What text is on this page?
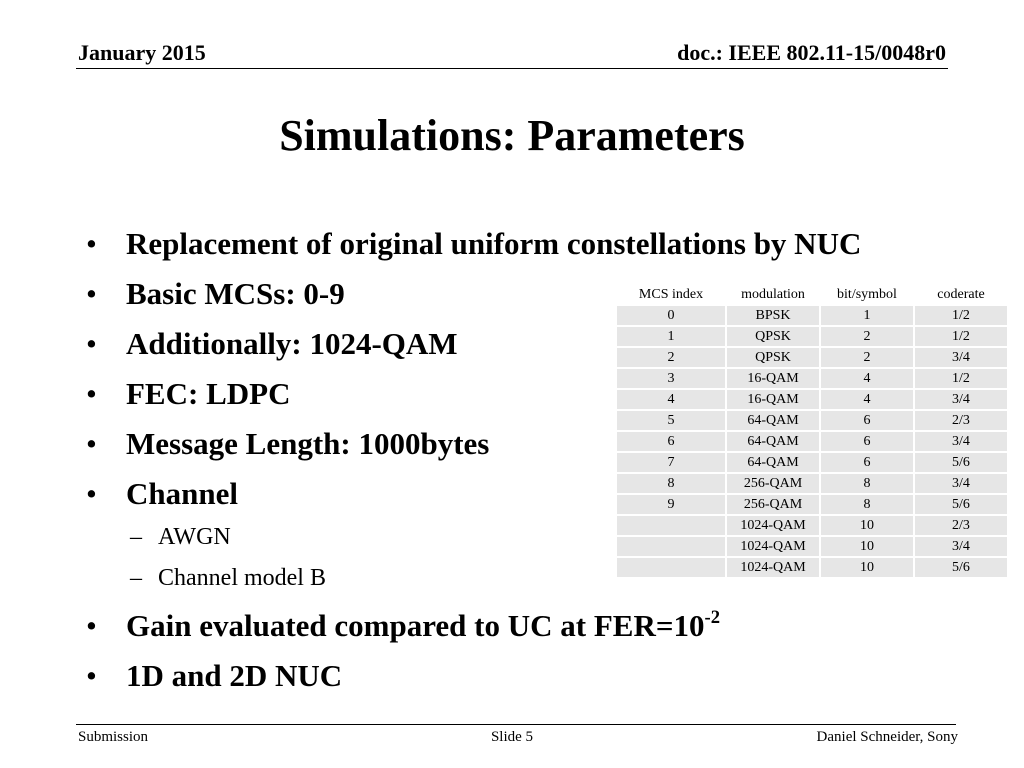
January 2015	doc.: IEEE 802.11-15/0048r0
Simulations: Parameters
• Replacement of original uniform constellations by NUC
• Basic MCSs: 0-9
• Additionally: 1024-QAM
• FEC: LDPC
• Message Length: 1000bytes
• Channel
– AWGN
– Channel model B
• Gain evaluated compared to UC at $FER=10^{-2}$
• 1D and 2D NUC
MCS index	modulation	bit/symbol	coderate
0	BPSK	1	1/2
1	QPSK	2	1/2
2	QPSK	2	3/4
3	16-QAM	4	1/2
4	16-QAM	4	3/4
5	64-QAM	6	2/3
6	64-QAM	6	3/4
7	64-QAM	6	5/6
8	256-QAM	8	3/4
9	256-QAM	8	5/6
	1024-QAM	10	2/3
	1024-QAM	10	3/4
	1024-QAM	10	5/6
Submission	Slide 5	Daniel Schneider, Sony
